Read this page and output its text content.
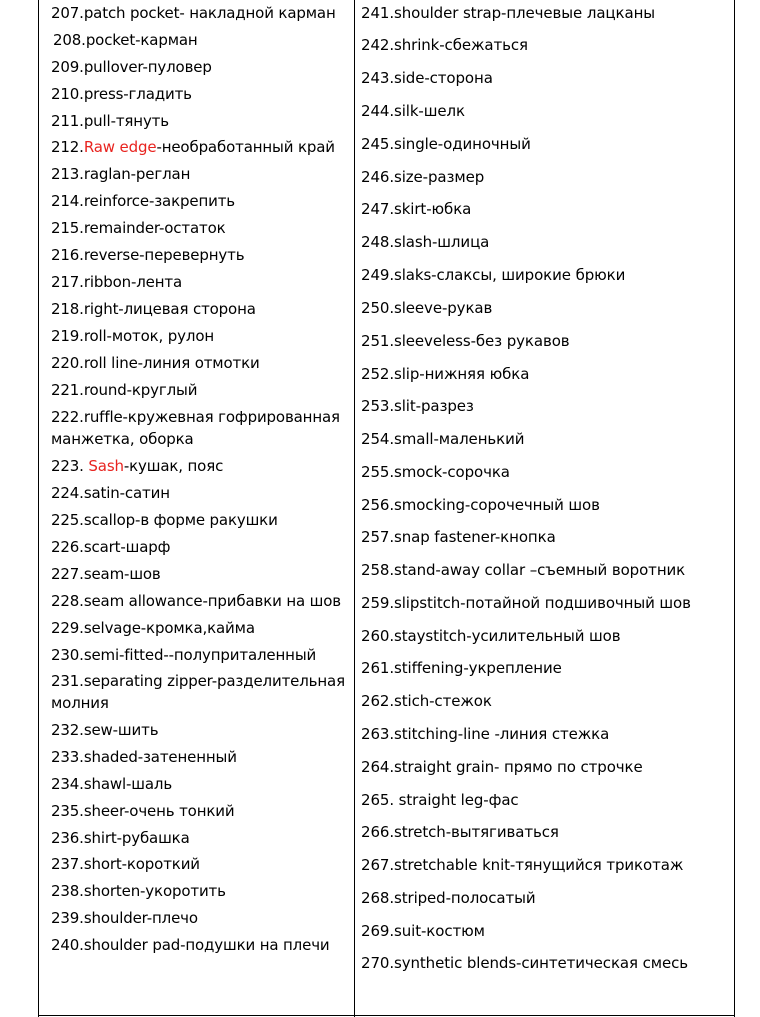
207.patch pocket- накладной карман
208.pocket-карман
209.pullover-пуловер
210.press-гладить
211.pull-тянуть
212.Raw edge-необработанный край
213.raglan-реглан
214.reinforce-закрепить
215.remainder-остаток
216.reverse-перевернуть
217.ribbon-лента
218.right-лицевая сторона
219.roll-моток, рулон
220.roll line-линия отмотки
221.round-круглый
222.ruffle-кружевная гофрированная манжетка, оборка
223. Sash-кушак, пояс
224.satin-сатин
225.scallop-в форме ракушки
226.scart-шарф
227.seam-шов
228.seam allowance-прибавки на шов
229.selvage-кромка,кайма
230.semi-fitted--полуприталенный
231.separating zipper-разделительная молния
232.sew-шить
233.shaded-затененный
234.shawl-шаль
235.sheer-очень тонкий
236.shirt-рубашка
237.short-короткий
238.shorten-укоротить
239.shoulder-плечо
240.shoulder pad-подушки на плечи
241.shoulder strap-плечевые лацканы
242.shrink-сбежаться
243.side-сторона
244.silk-шелк
245.single-одиночный
246.size-размер
247.skirt-юбка
248.slash-шлица
249.slaks-слаксы, широкие брюки
250.sleeve-рукав
251.sleeveless-без рукавов
252.slip-нижняя юбка
253.slit-разрез
254.small-маленький
255.smock-сорочка
256.smocking-сорочечный шов
257.snap fastener-кнопка
258.stand-away collar –съемный воротник
259.slipstitch-потайной подшивочный шов
260.staystitch-усилительный шов
261.stiffening-укрепление
262.stich-стежок
263.stitching-line -линия стежка
264.straight grain- прямо по строчке
265. straight leg-фас
266.stretch-вытягиваться
267.stretchable knit-тянущийся трикотаж
268.striped-полосатый
269.suit-костюм
270.synthetic blends-синтетическая смесь
